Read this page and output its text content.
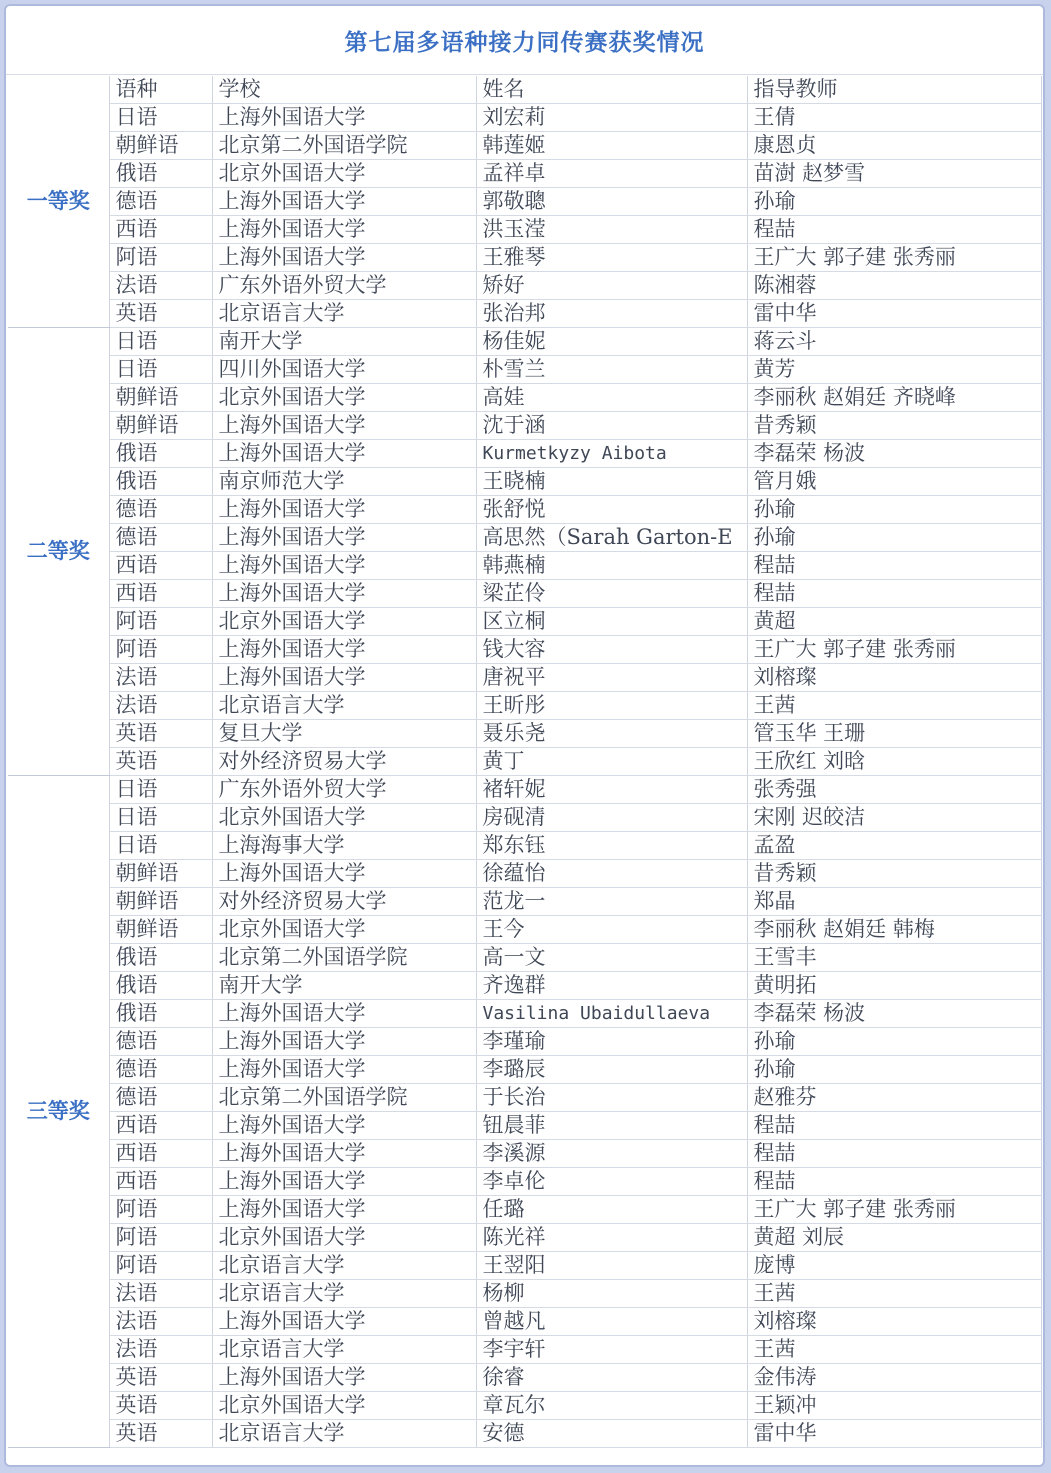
第七届多语种接力同传赛获奖情况
一等奖	语种	学校	姓名	指导教师
	日语	上海外国语大学	刘宏莉	王倩
	朝鲜语	北京第二外国语学院	韩莲姬	康恩贞
	俄语	北京外国语大学	孟祥卓	苗澍 赵梦雪
	德语	上海外国语大学	郭敬聰	孙瑜
	西语	上海外国语大学	洪玉滢	程喆
	阿语	上海外国语大学	王雅琴	王广大 郭子建 张秀丽
	法语	广东外语外贸大学	矫好	陈湘蓉
	英语	北京语言大学	张治邦	雷中华
二等奖	日语	南开大学	杨佳妮	蒋云斗
	日语	四川外国语大学	朴雪兰	黄芳
	朝鲜语	北京外国语大学	高娃	李丽秋 赵娟廷 齐晓峰
	朝鲜语	上海外国语大学	沈于涵	昔秀颖
	俄语	上海外国语大学	Kurmetkyzy Aibota	李磊荣 杨波
	俄语	南京师范大学	王晓楠	管月娥
	德语	上海外国语大学	张舒悦	孙瑜
	德语	上海外国语大学	高思然（Sarah Garton-E	孙瑜
	西语	上海外国语大学	韩燕楠	程喆
	西语	上海外国语大学	梁芷伶	程喆
	阿语	北京外国语大学	区立桐	黄超
	阿语	上海外国语大学	钱大容	王广大 郭子建 张秀丽
	法语	上海外国语大学	唐祝平	刘榕璨
	法语	北京语言大学	王昕彤	王茜
	英语	复旦大学	聂乐尧	管玉华 王珊
	英语	对外经济贸易大学	黄丁	王欣红 刘晗
三等奖	日语	广东外语外贸大学	褚轩妮	张秀强
	日语	北京外国语大学	房砚清	宋刚 迟皎洁
	日语	上海海事大学	郑东钰	孟盈
	朝鲜语	上海外国语大学	徐蕴怡	昔秀颖
	朝鲜语	对外经济贸易大学	范龙一	郑晶
	朝鲜语	北京外国语大学	王今	李丽秋 赵娟廷 韩梅
	俄语	北京第二外国语学院	高一文	王雪丰
	俄语	南开大学	齐逸群	黄明拓
	俄语	上海外国语大学	Vasilina Ubaidullaeva	李磊荣 杨波
	德语	上海外国语大学	李瑾瑜	孙瑜
	德语	上海外国语大学	李璐辰	孙瑜
	德语	北京第二外国语学院	于长治	赵雅芬
	西语	上海外国语大学	钮晨菲	程喆
	西语	上海外国语大学	李溪源	程喆
	西语	上海外国语大学	李卓伦	程喆
	阿语	上海外国语大学	任璐	王广大 郭子建 张秀丽
	阿语	北京外国语大学	陈光祥	黄超 刘辰
	阿语	北京语言大学	王翌阳	庞博
	法语	北京语言大学	杨柳	王茜
	法语	上海外国语大学	曾越凡	刘榕璨
	法语	北京语言大学	李宇轩	王茜
	英语	上海外国语大学	徐睿	金伟涛
	英语	北京外国语大学	章瓦尔	王颖冲
	英语	北京语言大学	安德	雷中华
